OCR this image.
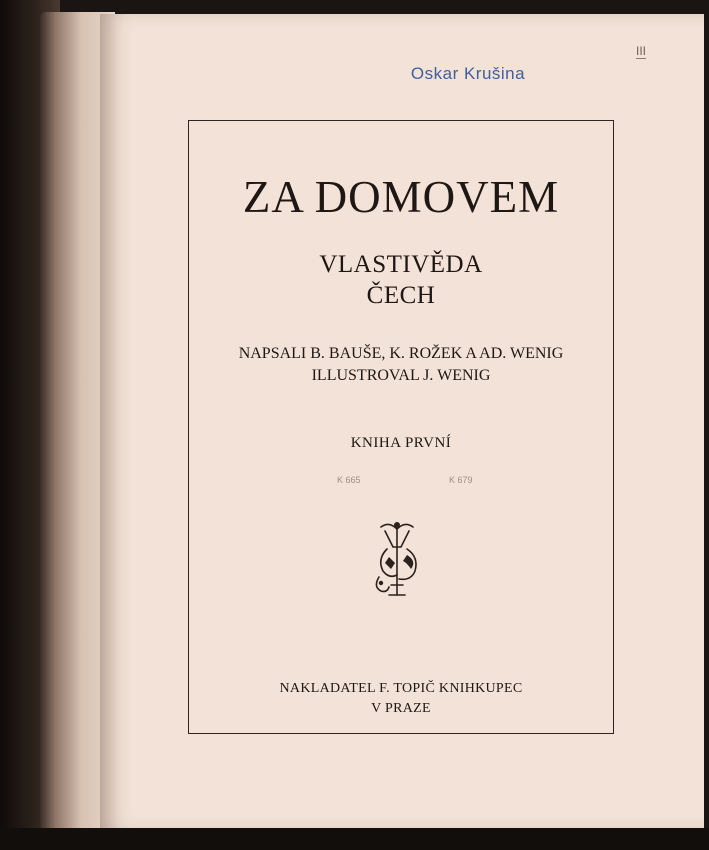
Oskar Krušina
III
ZA DOMOVEM
VLASTIVĚDA
ČECH
NAPSALI B. BAUŠE, K. ROŽEK A AD. WENIG
ILLUSTROVAL J. WENIG
KNIHA PRVNÍ
K 665	K 679
NAKLADATEL F. TOPIČ KNIHKUPEC
V PRAZE
